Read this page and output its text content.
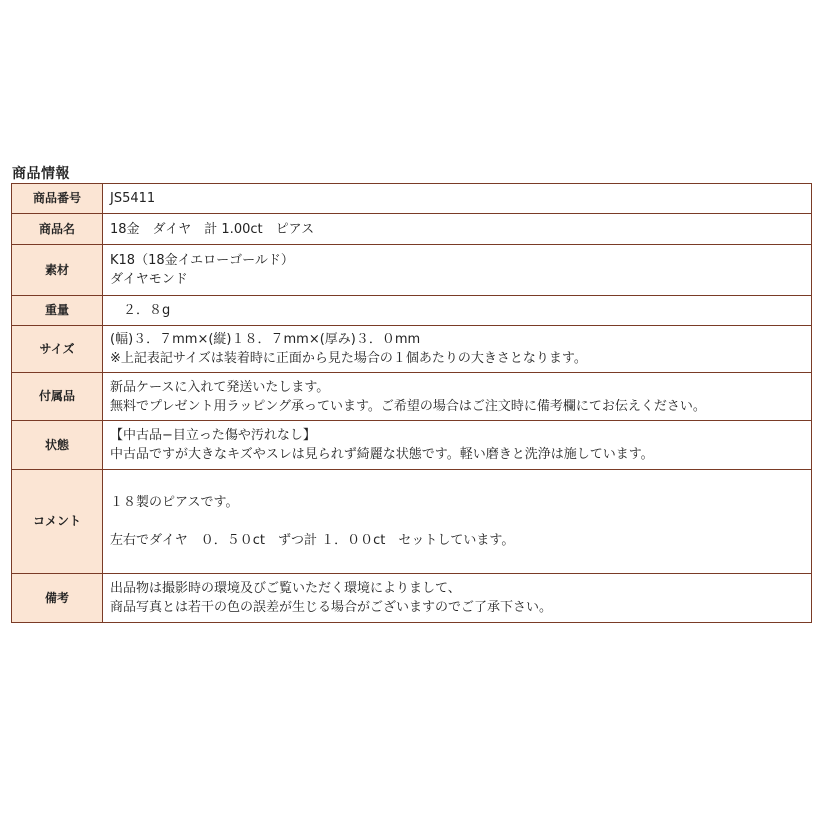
商品情報
商品番号	JS5411

商品名	18金　ダイヤ　計 1.00ct　ピアス

素材	K18（18金イエローゴールド）
ダイヤモンド

重量	　２．８g

サイズ	(幅)３．７mm×(縦)１８．７mm×(厚み)３．０mm
※上記表記サイズは装着時に正面から見た場合の１個あたりの大きさとなります。

付属品	新品ケースに入れて発送いたします。
無料でプレゼント用ラッピング承っています。ご希望の場合はご注文時に備考欄にてお伝えください。

状態	【中古品−目立った傷や汚れなし】
中古品ですが大きなキズやスレは見られず綺麗な状態です。軽い磨きと洗浄は施しています。

コメント	１８製のピアスです。
左右でダイヤ　０．５０ct　ずつ計 １．００ct　セットしています。

備考	出品物は撮影時の環境及びご覧いただく環境によりまして、
商品写真とは若干の色の誤差が生じる場合がございますのでご了承下さい。
